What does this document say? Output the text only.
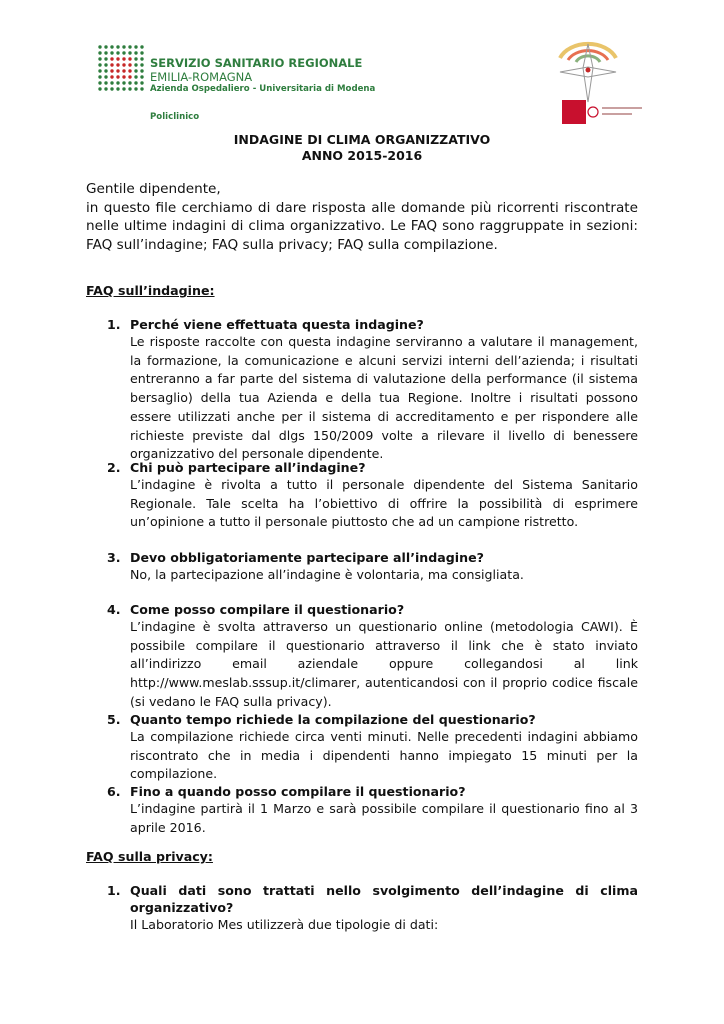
SERVIZIO SANITARIO REGIONALE
EMILIA-ROMAGNA
Azienda Ospedaliero - Universitaria di Modena
Policlinico
INDAGINE DI CLIMA ORGANIZZATIVO
ANNO 2015-2016
Gentile dipendente,

in questo file cerchiamo di dare risposta alle domande più ricorrenti riscontrate nelle ultime indagini di clima organizzativo. Le FAQ sono raggruppate in sezioni: FAQ sull’indagine; FAQ sulla privacy; FAQ sulla compilazione.

FAQ sull’indagine:
1. Perché viene effettuata questa indagine?
Le risposte raccolte con questa indagine serviranno a valutare il management, la formazione, la comunicazione e alcuni servizi interni dell’azienda; i risultati entreranno a far parte del sistema di valutazione della performance (il sistema bersaglio) della tua Azienda e della tua Regione. Inoltre i risultati possono essere utilizzati anche per il sistema di accreditamento e per rispondere alle richieste previste dal dlgs 150/2009 volte a rilevare il livello di benessere organizzativo del personale dipendente.
2. Chi può partecipare all’indagine?
L’indagine è rivolta a tutto il personale dipendente del Sistema Sanitario Regionale. Tale scelta ha l’obiettivo di offrire la possibilità di esprimere un’opinione a tutto il personale piuttosto che ad un campione ristretto.
3. Devo obbligatoriamente partecipare all’indagine?
No, la partecipazione all’indagine è volontaria, ma consigliata.
4. Come posso compilare il questionario?
L’indagine è svolta attraverso un questionario online (metodologia CAWI). È possibile compilare il questionario attraverso il link che è stato inviato all’indirizzo email aziendale oppure collegandosi al link http://www.meslab.sssup.it/climarer, autenticandosi con il proprio codice fiscale (si vedano le FAQ sulla privacy).
5. Quanto tempo richiede la compilazione del questionario?
La compilazione richiede circa venti minuti. Nelle precedenti indagini abbiamo riscontrato che in media i dipendenti hanno impiegato 15 minuti per la compilazione.
6. Fino a quando posso compilare il questionario?
L’indagine partirà il 1 Marzo e sarà possibile compilare il questionario fino al 3 aprile 2016.
FAQ sulla privacy:
1. Quali dati sono trattati nello svolgimento dell’indagine di clima organizzativo?
Il Laboratorio Mes utilizzerà due tipologie di dati:
